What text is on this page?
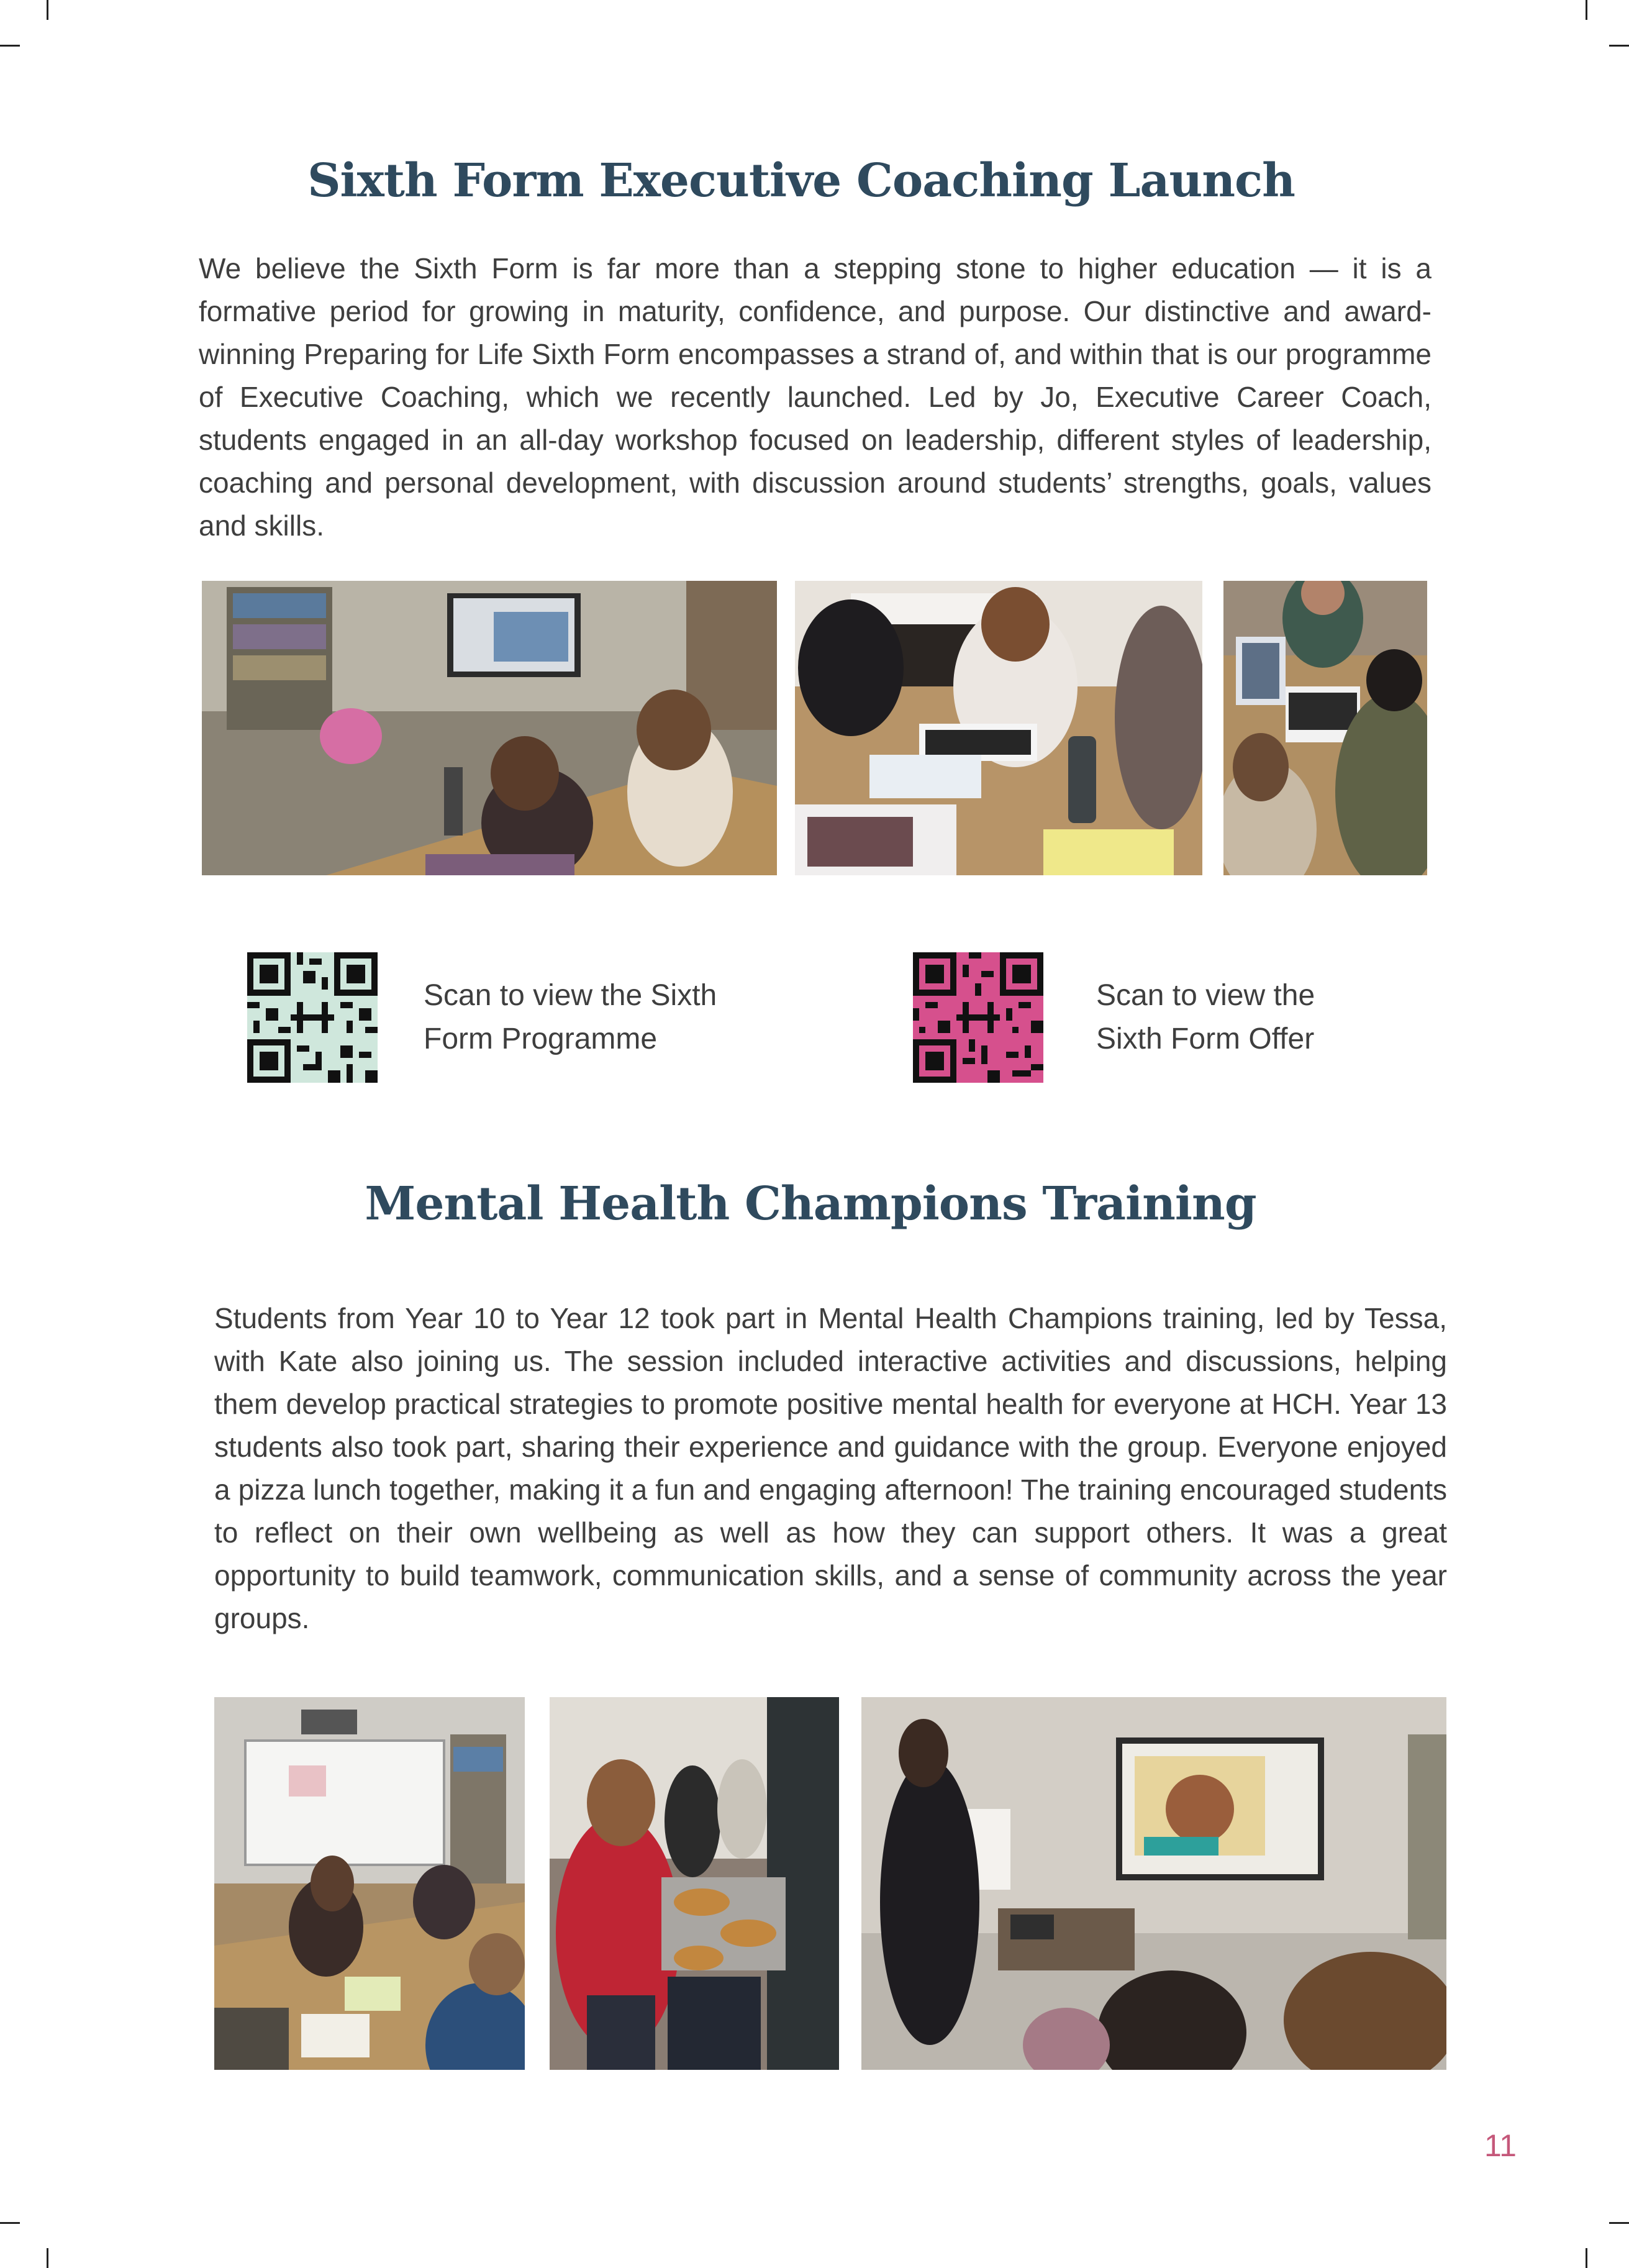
Sixth Form Executive Coaching Launch

We believe the Sixth Form is far more than a stepping stone to higher education — it is a formative period for growing in maturity, confidence, and purpose. Our distinctive and award-winning Preparing for Life Sixth Form encompasses a strand of, and within that is our programme of Executive Coaching, which we recently launched. Led by Jo, Executive Career Coach, students engaged in an all-day workshop focused on leadership, different styles of leadership, coaching and personal development, with discussion around students’ strengths, goals, values and skills.

Scan to view the Sixth
Form Programme

Scan to view the
Sixth Form Offer

Mental Health Champions Training

Students from Year 10 to Year 12 took part in Mental Health Champions training, led by Tessa, with Kate also joining us. The session included interactive activities and discussions, helping them develop practical strategies to promote positive mental health for everyone at HCH. Year 13 students also took part, sharing their experience and guidance with the group. Everyone enjoyed a pizza lunch together, making it a fun and engaging afternoon! The training encouraged students to reflect on their own wellbeing as well as how they can support others. It was a great opportunity to build teamwork, communication skills, and a sense of community across the year groups.

11
